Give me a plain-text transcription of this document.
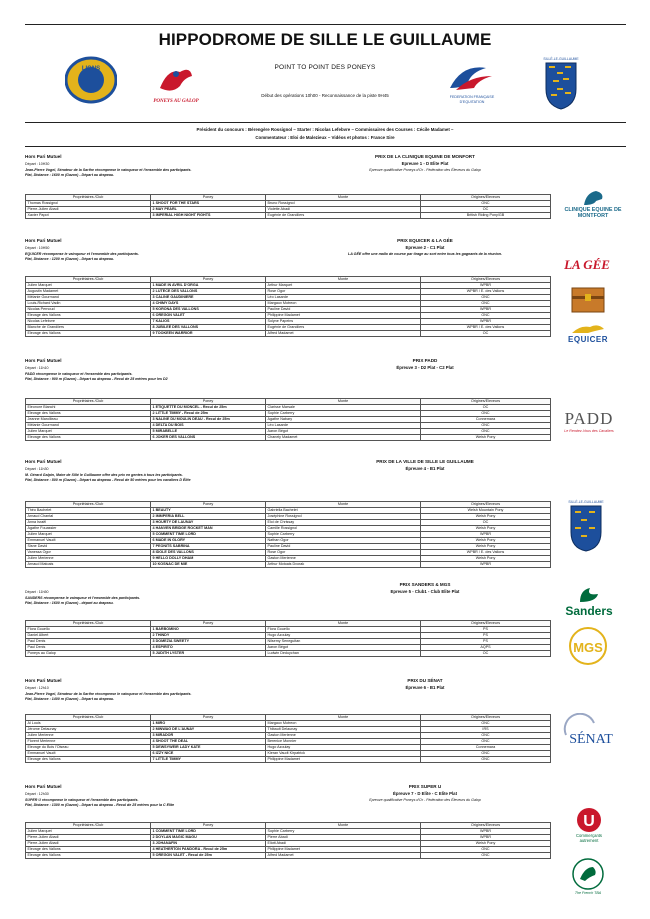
HIPPODROME DE SILLE LE GUILLAUME
LIONS
PONEYS AU GALOP
POINT TO POINT DES PONEYS
Début des opérations 10h00 - Reconnaissance de la piste 9H45	FEDERATION FRANÇAISE
D'EQUITATION
SILLÉ-LE-GUILLAUME
Président du concours : Bérengère Rossignol – Starter : Nicolas Lefebvre – Commissaires des Courses : Cécile Madamet –
Commentateur : Eloi de Malezieux – Vidéos et photos : France Sire
Hors Pari Mutuel
Départ : 10H30
Jean-Pierre Vogel, Sénateur de la Sarthe récompense le vainqueur et l'ensemble des participants.
Plat, Distance : 1600 m (Gazon) - Départ au drapeau.
PRIX DE LA CLINIQUE EQUINE DE MONFORT
Epreuve 1 - D Elite Plat
Epreuve qualificative Poneys d'Or - Fédération des Éleveurs du Galop
Propriétaires /Club	Poney	Monte	Origines/Eleveurs
Thomas Rossignol	1 SHOOT FOR THE STARS	Bruno Rossignol	ONC
Pierre-Julien Abadi	2 MAY PEARL	Violette Abadi	OC
Xavier Papot	3 IMPERIAL HIGH NIGHT FIGHTS	Eugénie de Grandiiers	British Riding Pony/GB
CLINIQUE EQUINE DE MONTFORT
Hors Pari Mutuel
Départ : 10H50
EQUICER récompense le vainqueur et l'ensemble des participants.
Plat, Distance : 1200 m (Gazon) - Départ au drapeau.
PRIX EQUICER & LA GÉE
Epreuve 2 - C1 Plat
LA GÉE offre une mallo de course par tirage au sort entre tous les gagnants de la réunion.
Propriétaires /Club	Poney	Monte	Origines/Eleveurs
Julien Marquet	1 MADE IN AVRIL D'ORGA	Arthur Marquet	WPBR
Augustin Madamet	2 LUTECE DES VALLONS	Rose Ogor	WPBR / E. des Vallons
Mélanie Gourmand	3 CALINE GAUDINIERE	Léo Lasarde	ONC
Louis-Richard Vadin	4 CHIMY DAYS	Margaux Motreon	ONC
Nicolas Pernoud	5 KORONA DES VALLONS	Pauline David	WPBR
Elevage des Vallons	6 OREGON VALET	Philippine Madamet	ONC
Nicolas Lefebvre	7 KALIOS	Solyne Papeins	WPBR
Blanche de Grandiiers	8 JUBILEE DES VALLONS	Eugénie de Grandiiers	WPBR / E. des Vallons
Elevage des Vallons	9 TOOKEEN WARRIOR	Alfred Madamet	OC
LA GÉE
EQUICER
Hors Pari Mutuel
Départ : 11h10
PADD récompense le vainqueur et l'ensemble des participants.
Plat, Distance : 900 m (Gazon) - Départ au drapeau - Recul de 25 mètres pour les D2
PRIX PADD
Épreuve 3 - D2 Plat - C2 Plat
Propriétaires /Club	Poney	Monte	Origines/Eleveurs
Eleonore Bianchi	1 ETIQUETTE DU MONCEL - Recul de 25m	Clarisse Marsale	OC
Elevage des Vallons	2 LITTLE TIMMY - Recul de 25m	Sophie Carberry	ONC
Jeanne Marollieau	3 NALINE DU MOULIN DEAU - Recul de 25m	Agathe Nabary	Connemara
Mélanie Gourmand	4 DELTA DU BOIS	Léo Lasarde	ONC
Julien Marquet	5 MIRABELLE	Aaron Bégot	ONC
Elevage des Vallons	6 JOKER DES VALLONS	Chanely Madamet	Welsh Pony
PADD
Le Rendez-Vous des Cavaliers
Hors Pari Mutuel
Départ : 11h30
M. Gérard Galpin, Maire de Sillé le Guillaume offre des prix en gentes à tous les participants.
Plat, Distance : 800 m (Gazon) - Départ au drapeau - Recul de 50 mètres pour les cavaliers D Élite
PRIX DE LA VILLE DE SILLE LE GUILLAUME
Épreuve 4 - B1 Plat
Propriétaires /Club	Poney	Monte	Origines/Eleveurs
Théo Bachelet	1 BEAUTY	Gabriella Bachelet	Welsh Mountain Pony
Arnaud Chantal	2 IMMPERIA BELL	Joséphine Rossignol	Welsh Pony
Anna Israël	3 HOURTY DE LAUNAY	Eloi de Chrissay	OC
Agathe Fouassier	4 HANVEN BRIDGE ROCKET MAN	Camille Rossignol	Welsh Pony
Julien Marquet	5 COMMENT TIME LORD	Sophie Carberry	WPBR
Emmanuel Vaudt	6 MADE IN GLORY	Nathan Ogor	Welsh Pony
Sisne David	7 PEONITS SABRINA	Pauline David	Welsh Pony
Vanessa Ogor	8 IDOLE DES VALLONS	Rose Ogor	WPBR / E. des Vallons
Julien Merienne	9 HELLO DOLLY DHAM	Gaston Merienne	Welsh Pony
Arnaud Matoais	10 KOSNAC DE MIE	Arthur Motoais Dvorak	WPBR
SILLÉ-LE-GUILLAUME
Départ : 11h50
SANDERS récompense le vainqueur et l'ensemble des participants.
Plat, Distance : 1600 m (Gazon) - départ au drapeau.
PRIX SANDERS & MGS
Epreuve 5 - Club1 - Club Elite Plat
Propriétaires /Club	Poney	Monte	Origines/Eleveurs
Flora Gouello	1 BARBOMINO	Flora Gouello	PS
Daniel Albert	2 THINDY	Hugo Azoulay	PS
Paul Denis	3 DOMEZIA SWEETY	Nilsemy Seneguitan	PS
Paul Denis	4 ESPIRITO	Aaron Bégot	AQPS
Poneys au Galop	5 JUDITH LYSTER	Ludwin Deduychan	OC
Sanders
MGS
Hors Pari Mutuel
Départ : 12h10
Jean-Pierre Vogel, Sénateur de la Sarthe récompense le vainqueur et l'ensemble des participants.
Plat, Distance : 1400 m (Gazon) - Départ au drapeau.
PRIX DU SÉNAT
Épreuve 6 - B1 Plat
Propriétaires /Club	Poney	Monte	Origines/Eleveurs
Al Louis	1 MIRO	Margaux Motreon	ONC
Jérome Delaunay	2 MINWAG DE L'AUNAY	Thibault Delaunay	IRS
Julien Merienne	3 MIRADOR	Gaston Merienne	ONC
Florent Merienne	4 SHOOT THE DEAL	Berenice Monnier	ONC
Elevage du Bois l'Oiseau	5 DEWSYWEIR LADY KATE	Hugo Azoulay	Connemara
Emmanuel Vaudt	6 IZZY NICE	Kieran Vaudt Kirpatrick	ONC
Elevage des Vallons	7 LITTLE TIMMY	Philippine Madamet	ONC
SÉNAT
Hors Pari Mutuel
Départ : 12h30
SUPER U récompense le vainqueur et l'ensemble des participants.
Plat, Distance : 1300 m (Gazon) - Départ au drapeau - Recul de 25 mètres pour la C Elite
PRIX SUPER U
Épreuve 7 - D Elite - C Elite Plat
Epreuve qualificative Poneys d'Or - Fédération des Éleveurs du Galop
Propriétaires /Club	Poney	Monte	Origines/Eleveurs
Julien Marquet	1 COMMENT TIME LORD	Sophie Carberry	WPBR
Pierre-Julien Abadi	2 DOYLAN MAGIC MAGU	Pierre Abadi	WPBR
Pierre-Julien Abadi	3 JOHANAFIN	Eliott Abadi	Welsh Pony
Elevage des Vallons	4 HEATHERTON PANDORA - Recul de 25m	Philippine Madamet	ONC
Elevage des Vallons	5 OREGON VALET - Recul de 25m	Alfred Madamet	ONC
U
Commerçants autrement
The French TBA
